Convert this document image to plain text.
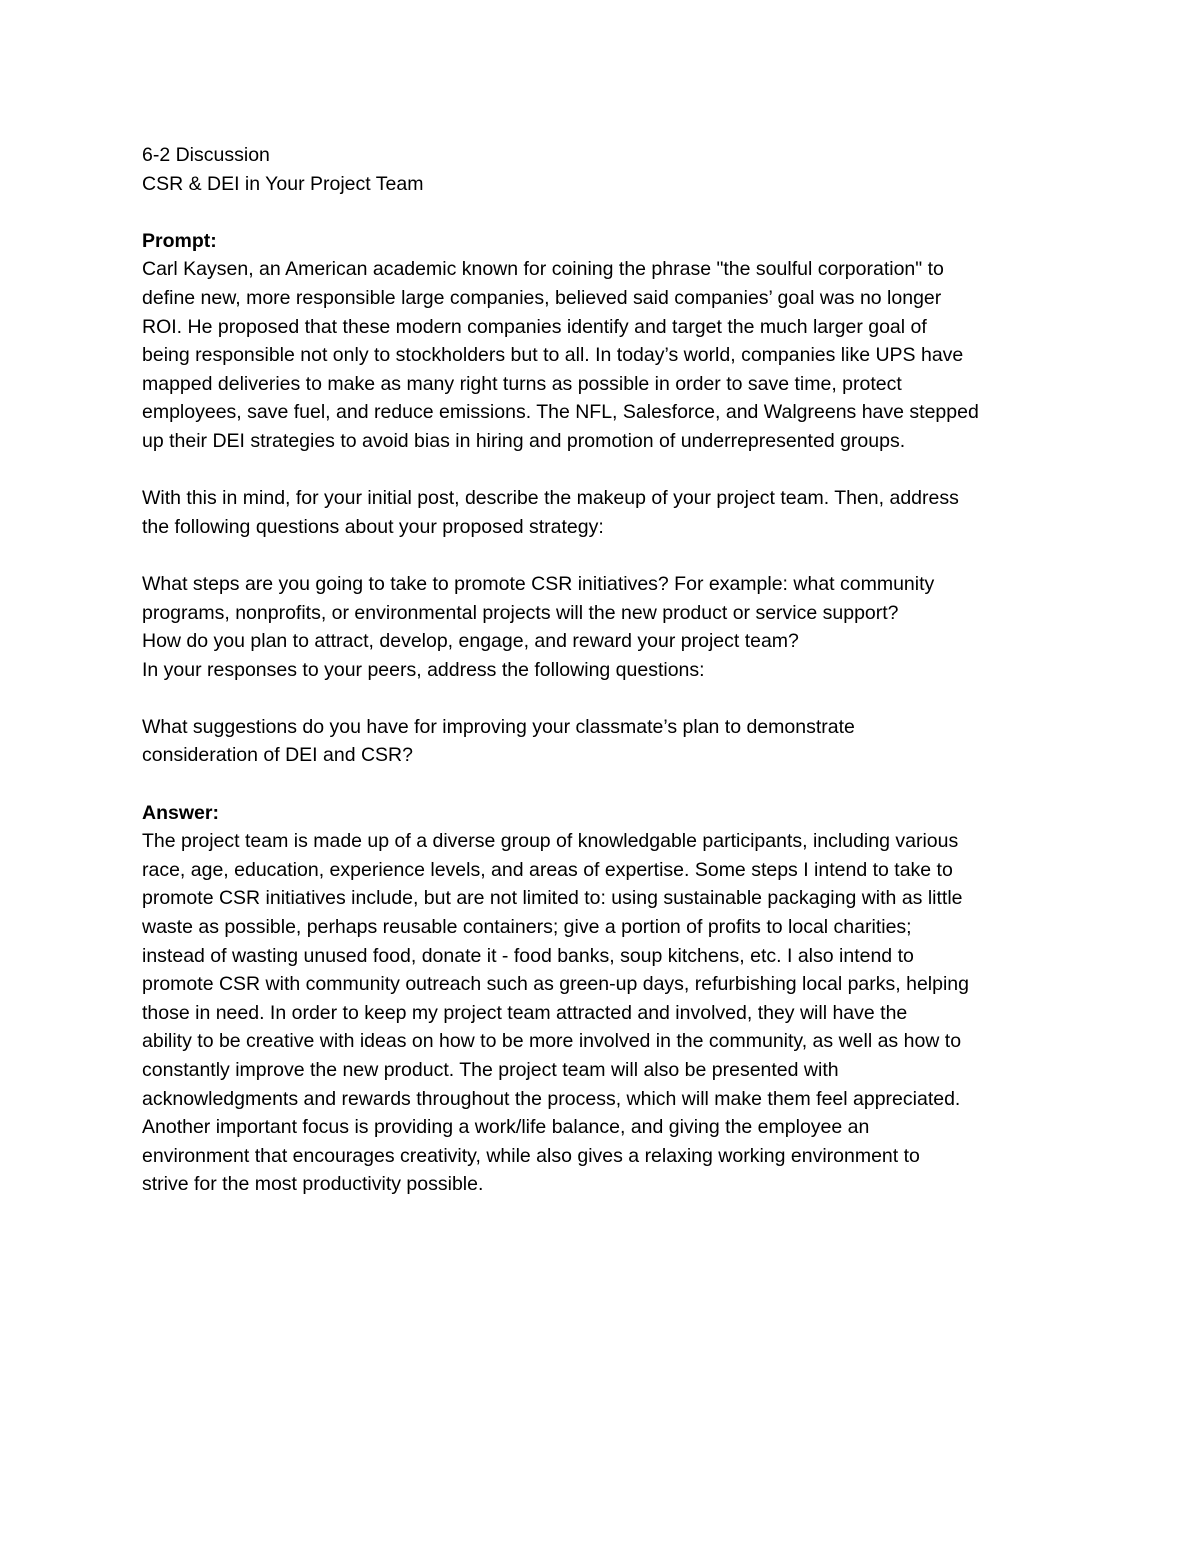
6-2 Discussion
CSR & DEI in Your Project Team
Prompt:
Carl Kaysen, an American academic known for coining the phrase "the soulful corporation" to
define new, more responsible large companies, believed said companies’ goal was no longer
ROI. He proposed that these modern companies identify and target the much larger goal of
being responsible not only to stockholders but to all. In today’s world, companies like UPS have
mapped deliveries to make as many right turns as possible in order to save time, protect
employees, save fuel, and reduce emissions. The NFL, Salesforce, and Walgreens have stepped
up their DEI strategies to avoid bias in hiring and promotion of underrepresented groups.
With this in mind, for your initial post, describe the makeup of your project team. Then, address
the following questions about your proposed strategy:
What steps are you going to take to promote CSR initiatives? For example: what community
programs, nonprofits, or environmental projects will the new product or service support?
How do you plan to attract, develop, engage, and reward your project team?
In your responses to your peers, address the following questions:
What suggestions do you have for improving your classmate’s plan to demonstrate
consideration of DEI and CSR?
Answer:
The project team is made up of a diverse group of knowledgable participants, including various
race, age, education, experience levels, and areas of expertise. Some steps I intend to take to
promote CSR initiatives include, but are not limited to: using sustainable packaging with as little
waste as possible, perhaps reusable containers; give a portion of profits to local charities;
instead of wasting unused food, donate it - food banks, soup kitchens, etc. I also intend to
promote CSR with community outreach such as green-up days, refurbishing local parks, helping
those in need. In order to keep my project team attracted and involved, they will have the
ability to be creative with ideas on how to be more involved in the community, as well as how to
constantly improve the new product. The project team will also be presented with
acknowledgments and rewards throughout the process, which will make them feel appreciated.
Another important focus is providing a work/life balance, and giving the employee an
environment that encourages creativity, while also gives a relaxing working environment to
strive for the most productivity possible.
